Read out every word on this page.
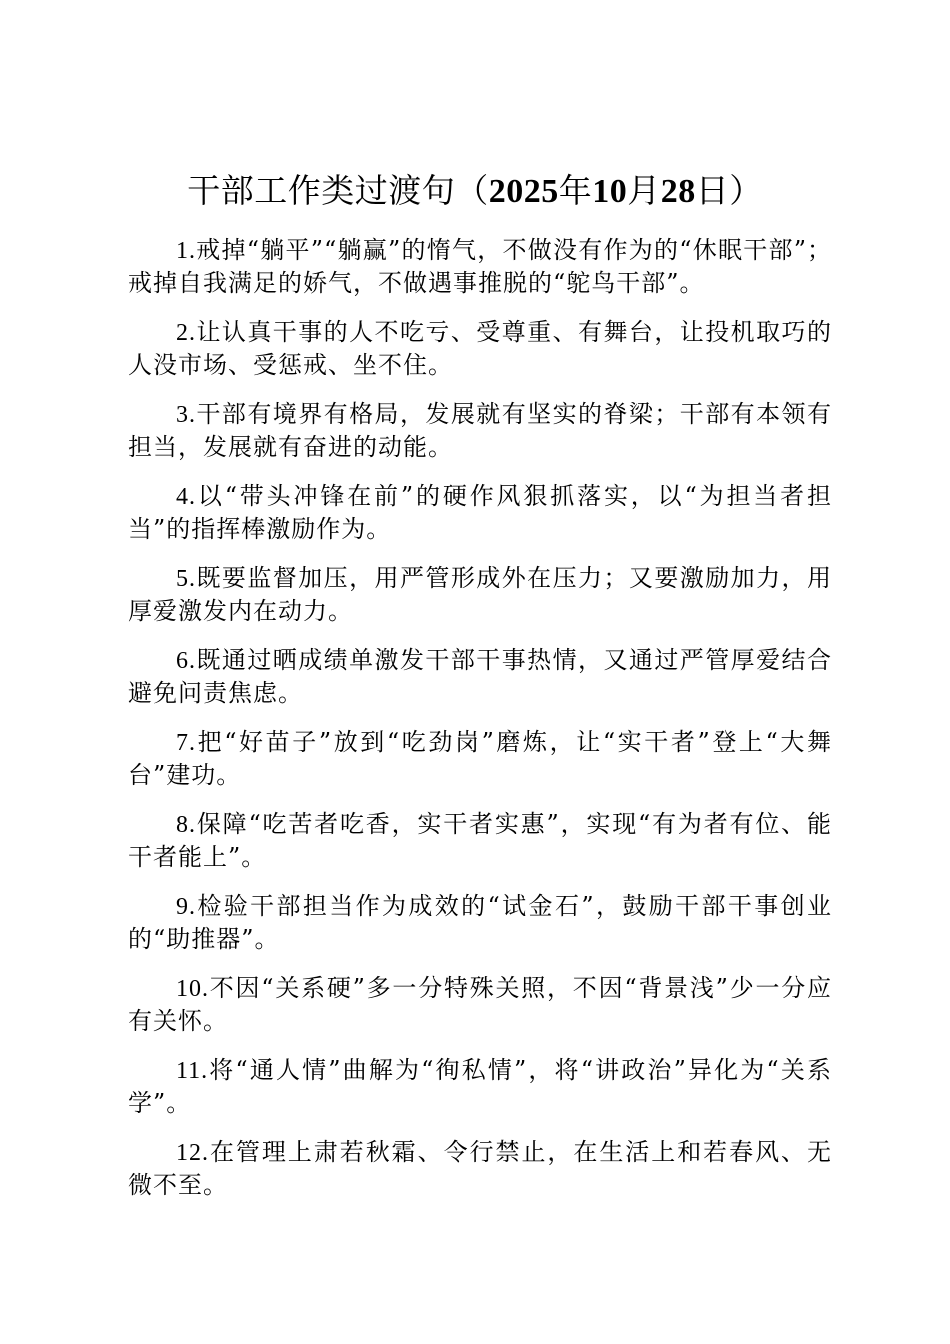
干部工作类过渡句（2025年10月28日）
1.戒掉“躺平”“躺赢”的惰气，不做没有作为的“休眠干部”；戒掉自我满足的娇气，不做遇事推脱的“鸵鸟干部”。
2.让认真干事的人不吃亏、受尊重、有舞台，让投机取巧的人没市场、受惩戒、坐不住。
3.干部有境界有格局，发展就有坚实的脊梁；干部有本领有担当，发展就有奋进的动能。
4.以“带头冲锋在前”的硬作风狠抓落实，以“为担当者担当”的指挥棒激励作为。
5.既要监督加压，用严管形成外在压力；又要激励加力，用厚爱激发内在动力。
6.既通过晒成绩单激发干部干事热情，又通过严管厚爱结合避免问责焦虑。
7.把“好苗子”放到“吃劲岗”磨炼，让“实干者”登上“大舞台”建功。
8.保障“吃苦者吃香，实干者实惠”，实现“有为者有位、能干者能上”。
9.检验干部担当作为成效的“试金石”，鼓励干部干事创业的“助推器”。
10.不因“关系硬”多一分特殊关照，不因“背景浅”少一分应有关怀。
11.将“通人情”曲解为“徇私情”，将“讲政治”异化为“关系学”。
12.在管理上肃若秋霜、令行禁止，在生活上和若春风、无微不至。
